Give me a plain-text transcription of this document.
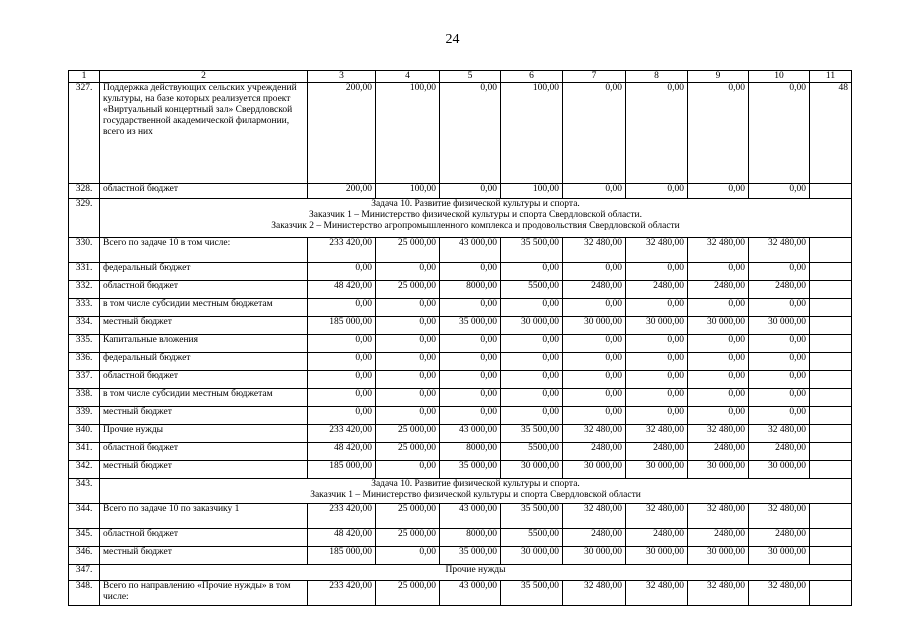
24
1	2	3	4	5	6	7	8	9	10	11
327.	Поддержка действующих сельских учреждений культуры, на базе которых реализуется проект «Виртуальный концертный зал» Свердловской государственной академической филармонии, всего из них	200,00	100,00	0,00	100,00	0,00	0,00	0,00	0,00	48
328.	областной бюджет	200,00	100,00	0,00	100,00	0,00	0,00	0,00	0,00	
329.	Задача 10. Развитие физической культуры и спорта.
Заказчик 1 – Министерство физической культуры и спорта Свердловской области.
Заказчик 2 – Министерство агропромышленного комплекса и продовольствия Свердловской области									

330.	Всего по задаче 10 в том числе:	233 420,00	25 000,00	43 000,00	35 500,00	32 480,00	32 480,00	32 480,00	32 480,00	
331.	федеральный бюджет	0,00	0,00	0,00	0,00	0,00	0,00	0,00	0,00	
332.	областной бюджет	48 420,00	25 000,00	8000,00	5500,00	2480,00	2480,00	2480,00	2480,00	
333.	в том числе субсидии местным бюджетам	0,00	0,00	0,00	0,00	0,00	0,00	0,00	0,00	
334.	местный бюджет	185 000,00	0,00	35 000,00	30 000,00	30 000,00	30 000,00	30 000,00	30 000,00	
335.	Капитальные вложения	0,00	0,00	0,00	0,00	0,00	0,00	0,00	0,00	
336.	федеральный бюджет	0,00	0,00	0,00	0,00	0,00	0,00	0,00	0,00	
337.	областной бюджет	0,00	0,00	0,00	0,00	0,00	0,00	0,00	0,00	
338.	в том числе субсидии местным бюджетам	0,00	0,00	0,00	0,00	0,00	0,00	0,00	0,00	
339.	местный бюджет	0,00	0,00	0,00	0,00	0,00	0,00	0,00	0,00	
340.	Прочие нужды	233 420,00	25 000,00	43 000,00	35 500,00	32 480,00	32 480,00	32 480,00	32 480,00	
341.	областной бюджет	48 420,00	25 000,00	8000,00	5500,00	2480,00	2480,00	2480,00	2480,00	
342.	местный бюджет	185 000,00	0,00	35 000,00	30 000,00	30 000,00	30 000,00	30 000,00	30 000,00	
343.	Задача 10. Развитие физической культуры и спорта.
Заказчик 1 – Министерство физической культуры и спорта Свердловской области									

344.	Всего по задаче 10 по заказчику 1	233 420,00	25 000,00	43 000,00	35 500,00	32 480,00	32 480,00	32 480,00	32 480,00	
345.	областной бюджет	48 420,00	25 000,00	8000,00	5500,00	2480,00	2480,00	2480,00	2480,00	
346.	местный бюджет	185 000,00	0,00	35 000,00	30 000,00	30 000,00	30 000,00	30 000,00	30 000,00	
347.	Прочие нужды									

348.	Всего по направлению «Прочие нужды» в том числе:	233 420,00	25 000,00	43 000,00	35 500,00	32 480,00	32 480,00	32 480,00	32 480,00	
